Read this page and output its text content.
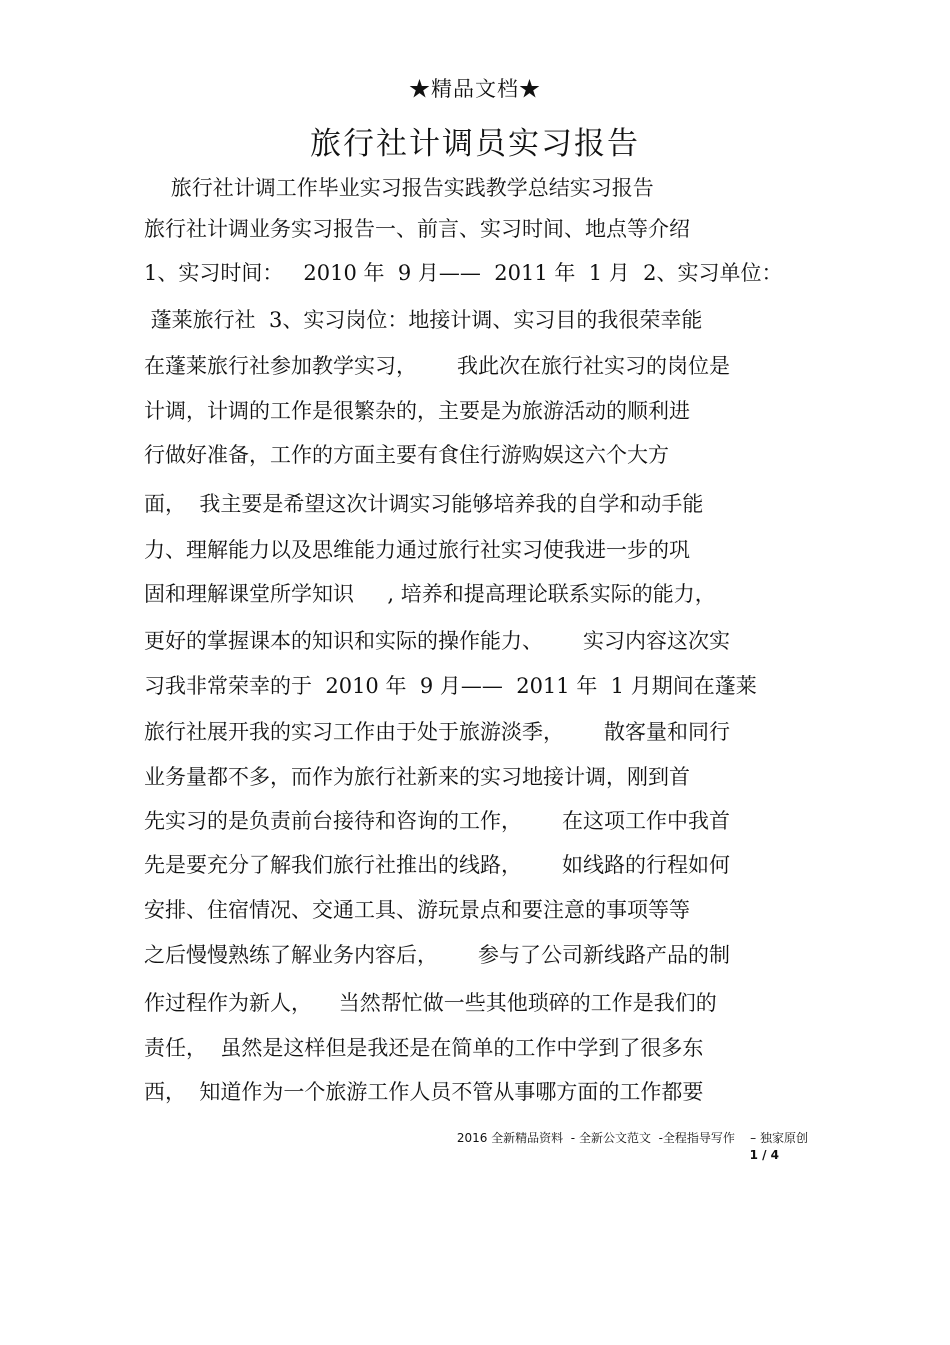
★精品文档★
旅行社计调员实习报告
旅行社计调工作毕业实习报告实践教学总结实习报告
旅行社计调业务实习报告一、前言、实习时间、地点等介绍
1、实习时间：   2010 年  9 月——  2011 年  1 月  2、实习单位：
蓬莱旅行社  3、实习岗位：地接计调、实习目的我很荣幸能
在蓬莱旅行社参加教学实习，      我此次在旅行社实习的岗位是
计调，计调的工作是很繁杂的，主要是为旅游活动的顺利进
行做好准备，工作的方面主要有食住行游购娱这六个大方
面，  我主要是希望这次计调实习能够培养我的自学和动手能
力、理解能力以及思维能力通过旅行社实习使我进一步的巩
固和理解课堂所学知识     , 培养和提高理论联系实际的能力，
更好的掌握课本的知识和实际的操作能力、      实习内容这次实
习我非常荣幸的于  2010 年  9 月——  2011 年  1 月期间在蓬莱
旅行社展开我的实习工作由于处于旅游淡季，      散客量和同行
业务量都不多，而作为旅行社新来的实习地接计调，刚到首
先实习的是负责前台接待和咨询的工作，      在这项工作中我首
先是要充分了解我们旅行社推出的线路，      如线路的行程如何
安排、住宿情况、交通工具、游玩景点和要注意的事项等等
之后慢慢熟练了解业务内容后，      参与了公司新线路产品的制
作过程作为新人，    当然帮忙做一些其他琐碎的工作是我们的
责任，  虽然是这样但是我还是在简单的工作中学到了很多东
西，  知道作为一个旅游工作人员不管从事哪方面的工作都要
2016 全新精品资料  - 全新公文范文  -全程指导写作    – 独家原创
1 / 4
